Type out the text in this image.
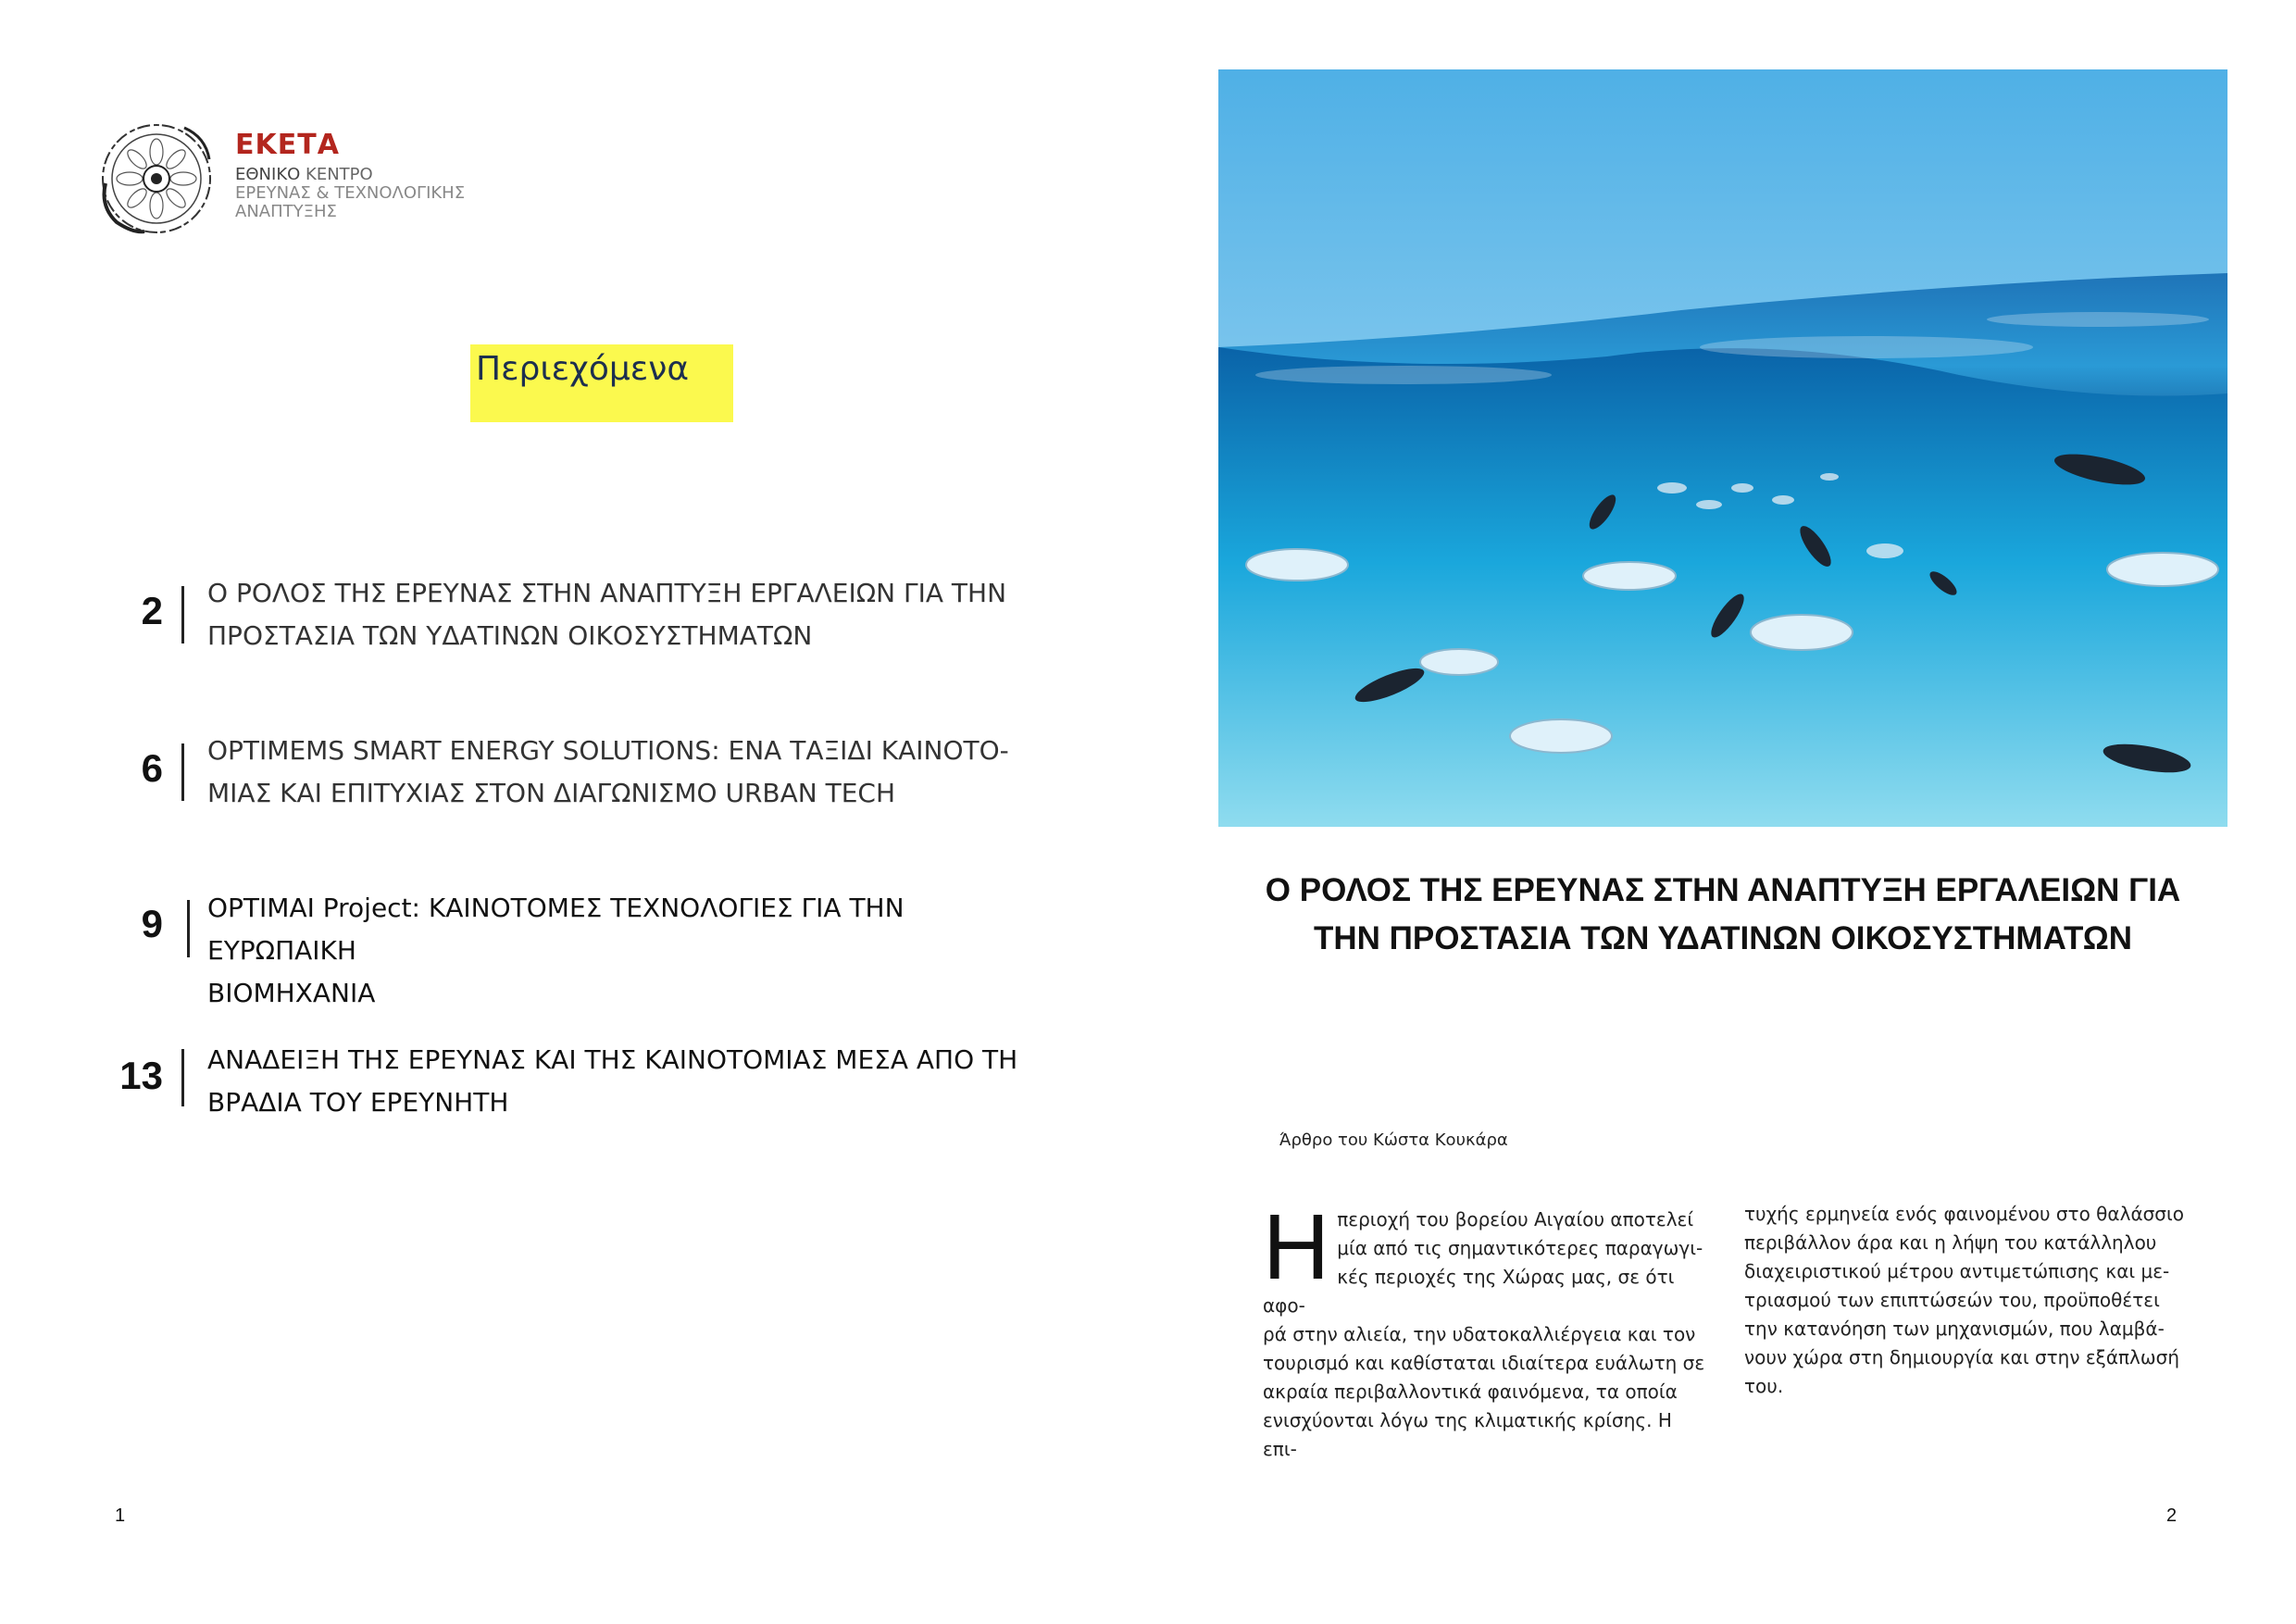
ΕΚΕΤΑ
ΕΘΝΙΚΟ ΚΕΝΤΡΟ
ΕΡΕΥΝΑΣ & ΤΕΧΝΟΛΟΓΙΚΗΣ
ΑΝΑΠΤΥΞΗΣ
Περιεχόμενα
2 Ο ΡΟΛΟΣ ΤΗΣ ΕΡΕΥΝΑΣ ΣΤΗΝ ΑΝΑΠΤΥΞΗ ΕΡΓΑΛΕΙΩΝ ΓΙΑ ΤΗΝ
ΠΡΟΣΤΑΣΙΑ ΤΩΝ ΥΔΑΤΙΝΩΝ ΟΙΚΟΣΥΣΤΗΜΑΤΩΝ
6 OPTIMEMS SMART ENERGY SOLUTIONS: ΕΝΑ ΤΑΞΙΔΙ ΚΑΙΝΟΤΟ-
ΜΙΑΣ ΚΑΙ ΕΠΙΤΥΧΙΑΣ ΣΤΟΝ ΔΙΑΓΩΝΙΣΜΟ URBAN TECH
9 OPTIMAI Project: ΚΑΙΝΟΤΟΜΕΣ ΤΕΧΝΟΛΟΓΙΕΣ ΓΙΑ ΤΗΝ ΕΥΡΩΠΑΙΚΗ
ΒΙΟΜΗΧΑΝΙΑ
13 ΑΝΑΔΕΙΞΗ ΤΗΣ ΕΡΕΥΝΑΣ ΚΑΙ ΤΗΣ ΚΑΙΝΟΤΟΜΙΑΣ ΜΕΣΑ ΑΠΟ ΤΗ
ΒΡΑΔΙΑ ΤΟΥ ΕΡΕΥΝΗΤΗ
1
Ο ΡΟΛΟΣ ΤΗΣ ΕΡΕΥΝΑΣ ΣΤΗΝ ΑΝΑΠΤΥΞΗ ΕΡΓΑΛΕΙΩΝ ΓΙΑ
ΤΗΝ ΠΡΟΣΤΑΣΙΑ ΤΩΝ ΥΔΑΤΙΝΩΝ ΟΙΚΟΣΥΣΤΗΜΑΤΩΝ
Άρθρο του Κώστα Κουκάρα
Η περιοχή του βορείου Αιγαίου αποτελεί
μία από τις σημαντικότερες παραγωγι-
κές περιοχές της Χώρας μας, σε ότι αφο-
ρά στην αλιεία, την υδατοκαλλιέργεια και τον
τουρισμό και καθίσταται ιδιαίτερα ευάλωτη σε
ακραία περιβαλλοντικά φαινόμενα, τα οποία
ενισχύονται λόγω της κλιματικής κρίσης. Η επι-
τυχής ερμηνεία ενός φαινομένου στο θαλάσσιο
περιβάλλον άρα και η λήψη του κατάλληλου
διαχειριστικού μέτρου αντιμετώπισης και με-
τριασμού των επιπτώσεών του, προϋποθέτει
την κατανόηση των μηχανισμών, που λαμβά-
νουν χώρα στη δημιουργία και στην εξάπλωσή
του.
2
